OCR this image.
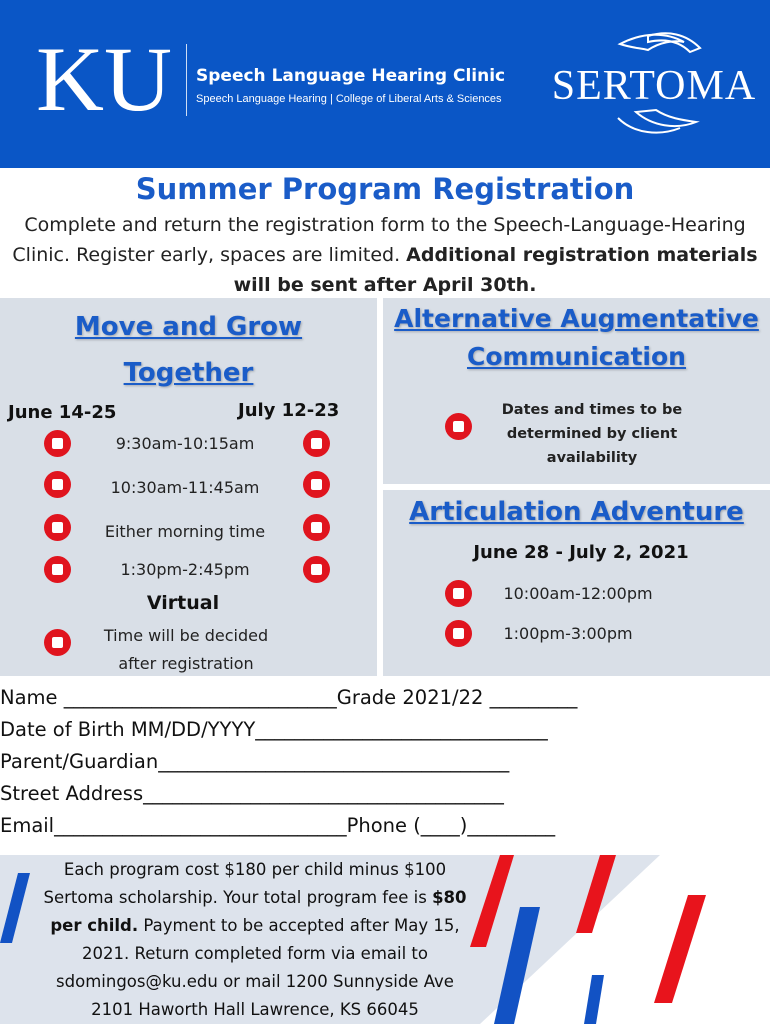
KU Speech Language Hearing Clinic
Speech Language Hearing | College of Liberal Arts & Sciences SERTOMA
Summer Program Registration
Complete and return the registration form to the Speech-Language-Hearing Clinic. Register early, spaces are limited. Additional registration materials will be sent after April 30th.
Move and Grow
Together
June 14-25	July 12-23
9:30am-10:15am
10:30am-11:45am
Either morning time
1:30pm-2:45pm
Virtual
Time will be decided
after registration
Alternative Augmentative
Communication
Dates and times to be
determined by client
availability
Articulation Adventure
June 28 - July 2, 2021
10:00am-12:00pm
1:00pm-3:00pm
Name ____________________________Grade 2021/22 _________
Date of Birth MM/DD/YYYY______________________________
Parent/Guardian____________________________________
Street Address_____________________________________
Email______________________________Phone (____)_________
Each program cost $180 per child minus $100 Sertoma scholarship. Your total program fee is $80 per child. Payment to be accepted after May 15, 2021. Return completed form via email to sdomingos@ku.edu or mail 1200 Sunnyside Ave 2101 Haworth Hall Lawrence, KS 66045
